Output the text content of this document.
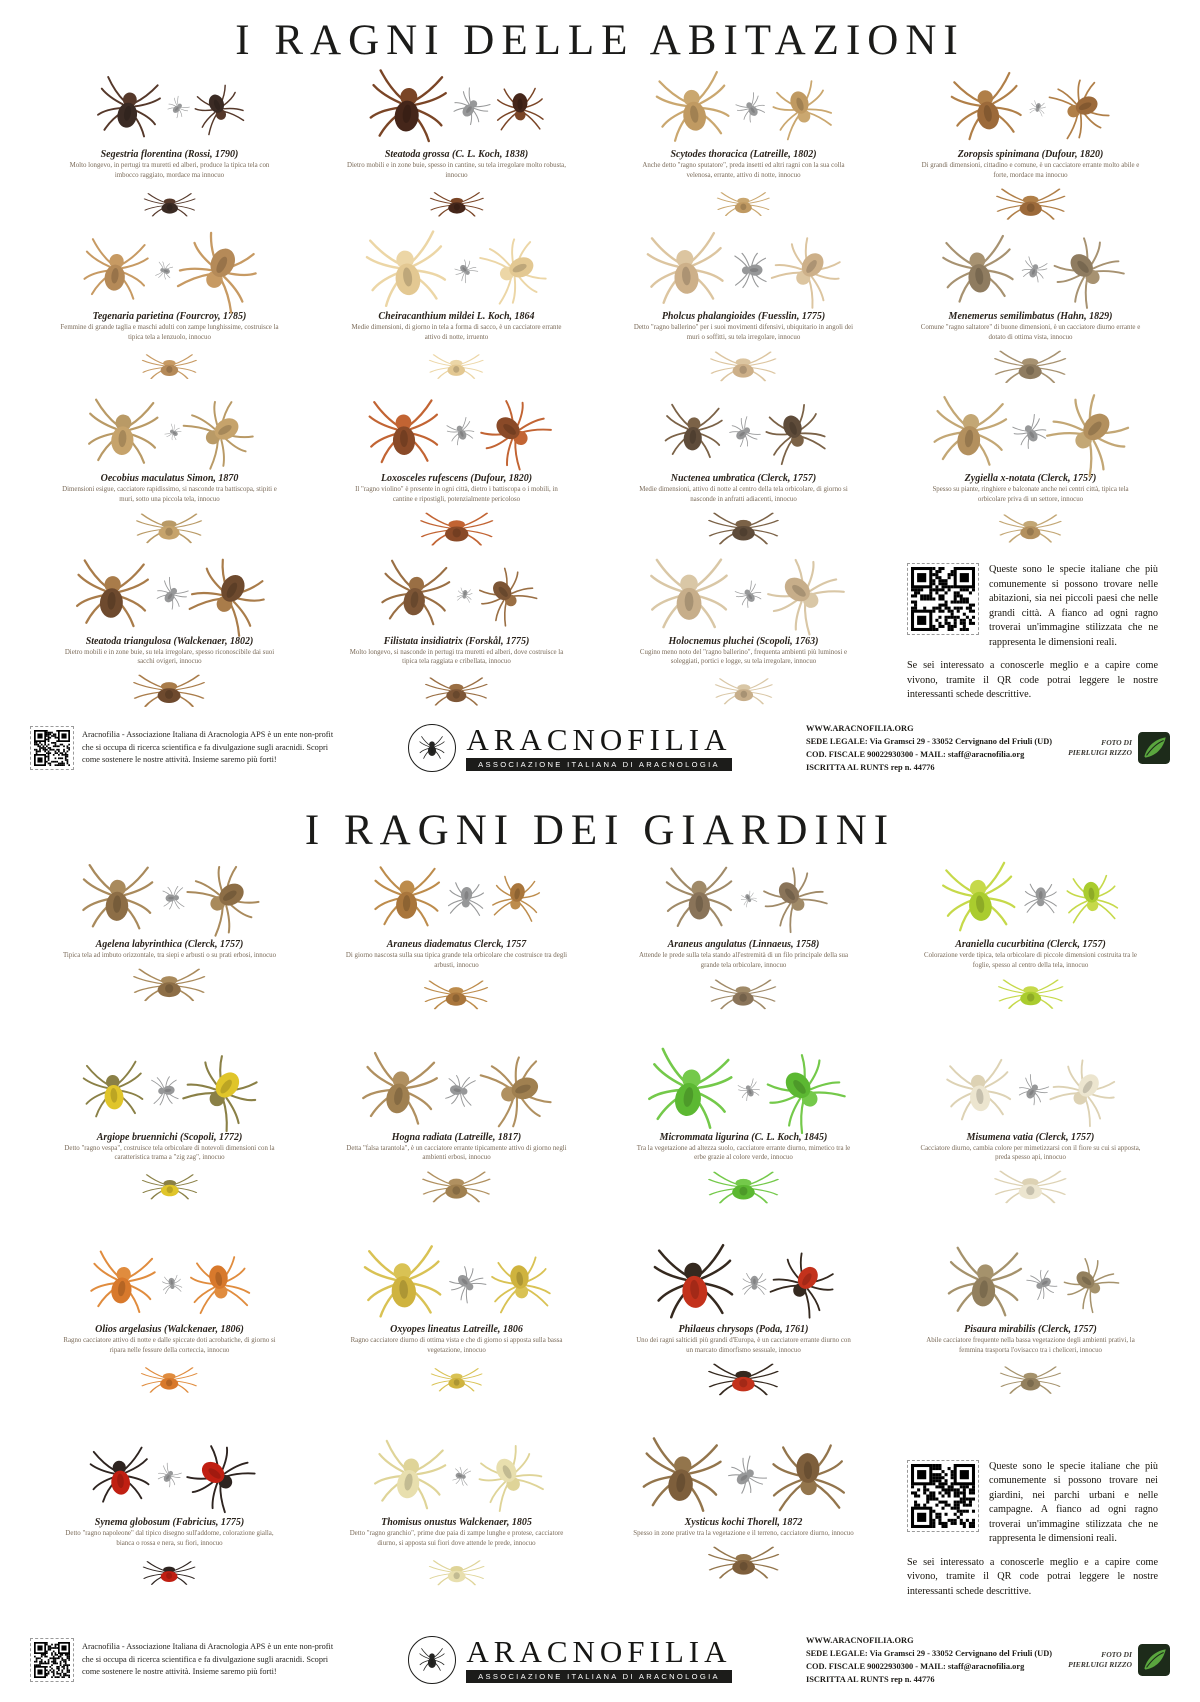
I RAGNI DELLE ABITAZIONI
Segestria florentina (Rossi, 1790)
Molto longevo, in pertugi tra muretti ed alberi, produce la tipica tela con imbocco raggiato, mordace ma innocuo
Steatoda grossa (C. L. Koch, 1838)
Dietro mobili e in zone buie, spesso in cantine, su tela irregolare molto robusta, innocuo
Scytodes thoracica (Latreille, 1802)
Anche detto "ragno sputatore", preda insetti ed altri ragni con la sua colla velenosa, errante, attivo di notte, innocuo
Zoropsis spinimana (Dufour, 1820)
Di grandi dimensioni, cittadino e comune, è un cacciatore errante molto abile e forte, mordace ma innocuo
Tegenaria parietina (Fourcroy, 1785)
Femmine di grande taglia e maschi adulti con zampe lunghissime, costruisce la tipica tela a lenzuolo, innocuo
Cheiracanthium mildei L. Koch, 1864
Medie dimensioni, di giorno in tela a forma di sacco, è un cacciatore errante attivo di notte, irruento
Pholcus phalangioides (Fuesslin, 1775)
Detto "ragno ballerino" per i suoi movimenti difensivi, ubiquitario in angoli dei muri o soffitti, su tela irregolare, innocuo
Menemerus semilimbatus (Hahn, 1829)
Comune "ragno saltatore" di buone dimensioni, è un cacciatore diurno errante e dotato di ottima vista, innocuo
Oecobius maculatus Simon, 1870
Dimensioni esigue, cacciatore rapidissimo, si nasconde tra battiscopa, stipiti e muri, sotto una piccola tela, innocuo
Loxosceles rufescens (Dufour, 1820)
Il "ragno violino" è presente in ogni città, dietro i battiscopa o i mobili, in cantine e ripostigli, potenzialmente pericoloso
Nuctenea umbratica (Clerck, 1757)
Medie dimensioni, attivo di notte al centro della tela orbicolare, di giorno si nasconde in anfratti adiacenti, innocuo
Zygiella x-notata (Clerck, 1757)
Spesso su piante, ringhiere e balconate anche nei centri città, tipica tela orbicolare priva di un settore, innocuo
Steatoda triangulosa (Walckenaer, 1802)
Dietro mobili e in zone buie, su tela irregolare, spesso riconoscibile dai suoi sacchi ovigeri, innocuo
Filistata insidiatrix (Forskål, 1775)
Molto longevo, si nasconde in pertugi tra muretti ed alberi, dove costruisce la tipica tela raggiata e cribellata, innocuo
Holocnemus pluchei (Scopoli, 1763)
Cugino meno noto del "ragno ballerino", frequenta ambienti più luminosi e soleggiati, portici e logge, su tela irregolare, innocuo

Queste sono le specie italiane che più comunemente si possono trovare nelle abitazioni, sia nei piccoli paesi che nelle grandi città. A fianco ad ogni ragno troverai un'immagine stilizzata che ne rappresenta le dimensioni reali.

Se sei interessato a conoscerle meglio e a capire come vivono, tramite il QR code potrai leggere le nostre interessanti schede descrittive.

Aracnofilia - Associazione Italiana di Aracnologia APS è un ente non-profit che si occupa di ricerca scientifica e fa divulgazione sugli aracnidi. Scopri come sostenere le nostre attività. Insieme saremo più forti!
ARACNOFILIA
ASSOCIAZIONE ITALIANA DI ARACNOLOGIA
WWW.ARACNOFILIA.ORG
SEDE LEGALE: Via Gramsci 29 - 33052 Cervignano del Friuli (UD)
COD. FISCALE 90022930300 - MAIL: staff@aracnofilia.org
ISCRITTA AL RUNTS rep n. 44776
FOTO DI
PIERLUIGI RIZZO
I RAGNI DEI GIARDINI
Agelena labyrinthica (Clerck, 1757)
Tipica tela ad imbuto orizzontale, tra siepi e arbusti o su prati erbosi, innocuo
Araneus diadematus Clerck, 1757
Di giorno nascosta sulla sua tipica grande tela orbicolare che costruisce tra degli arbusti, innocuo
Araneus angulatus (Linnaeus, 1758)
Attende le prede sulla tela stando all'estremità di un filo principale della sua grande tela orbicolare, innocuo
Araniella cucurbitina (Clerck, 1757)
Colorazione verde tipica, tela orbicolare di piccole dimensioni costruita tra le foglie, spesso al centro della tela, innocuo
Argiope bruennichi (Scopoli, 1772)
Detto "ragno vespa", costruisce tela orbicolare di notevoli dimensioni con la caratteristica trama a "zig zag", innocuo
Hogna radiata (Latreille, 1817)
Detta "falsa tarantola", è un cacciatore errante tipicamente attivo di giorno negli ambienti erbosi, innocuo
Micrommata ligurina (C. L. Koch, 1845)
Tra la vegetazione ad altezza suolo, cacciatore errante diurno, mimetico tra le erbe grazie al colore verde, innocuo
Misumena vatia (Clerck, 1757)
Cacciatore diurno, cambia colore per mimetizzarsi con il fiore su cui si apposta, preda spesso api, innocuo
Olios argelasius (Walckenaer, 1806)
Ragno cacciatore attivo di notte e dalle spiccate doti acrobatiche, di giorno si ripara nelle fessure della corteccia, innocuo
Oxyopes lineatus Latreille, 1806
Ragno cacciatore diurno di ottima vista e che di giorno si apposta sulla bassa vegetazione, innocuo
Philaeus chrysops (Poda, 1761)
Uno dei ragni salticidi più grandi d'Europa, è un cacciatore errante diurno con un marcato dimorfismo sessuale, innocuo
Pisaura mirabilis (Clerck, 1757)
Abile cacciatore frequente nella bassa vegetazione degli ambienti prativi, la femmina trasporta l'ovisacco tra i cheliceri, innocuo
Synema globosum (Fabricius, 1775)
Detto "ragno napoleone" dal tipico disegno sull'addome, colorazione gialla, bianca o rossa e nera, su fiori, innocuo
Thomisus onustus Walckenaer, 1805
Detto "ragno granchio", prime due paia di zampe lunghe e protese, cacciatore diurno, si apposta sui fiori dove attende le prede, innocuo
Xysticus kochi Thorell, 1872
Spesso in zone prative tra la vegetazione e il terreno, cacciatore diurno, innocuo

Queste sono le specie italiane che più comunemente si possono trovare nei giardini, nei parchi urbani e nelle campagne. A fianco ad ogni ragno troverai un'immagine stilizzata che ne rappresenta le dimensioni reali.

Se sei interessato a conoscerle meglio e a capire come vivono, tramite il QR code potrai leggere le nostre interessanti schede descrittive.

Aracnofilia - Associazione Italiana di Aracnologia APS è un ente non-profit che si occupa di ricerca scientifica e fa divulgazione sugli aracnidi. Scopri come sostenere le nostre attività. Insieme saremo più forti!
ARACNOFILIA
ASSOCIAZIONE ITALIANA DI ARACNOLOGIA
WWW.ARACNOFILIA.ORG
SEDE LEGALE: Via Gramsci 29 - 33052 Cervignano del Friuli (UD)
COD. FISCALE 90022930300 - MAIL: staff@aracnofilia.org
ISCRITTA AL RUNTS rep n. 44776
FOTO DI
PIERLUIGI RIZZO
